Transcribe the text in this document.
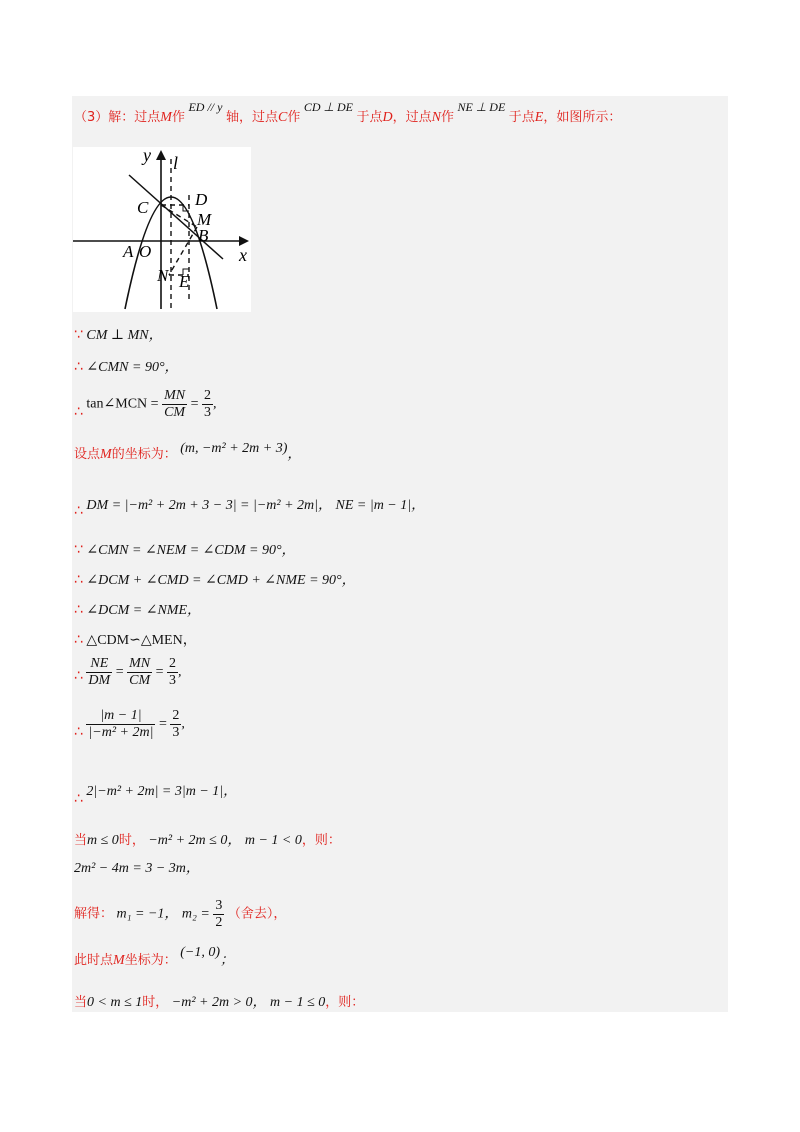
（3）解：过点M作 ED // y 轴，过点C作 CD ⊥ DE 于点D，过点N作 NE ⊥ DE 于点E，如图所示：
y l
x
C	D
M
B
A O
N E
∵ CM ⊥ MN，
∴ ∠CMN = 90°，
∴ tan∠MCN = $\frac{MN}{CM} = \frac{2}{3}$ ,
设点M的坐标为： (m, −m² + 2m + 3)，
∴ DM = |−m² + 2m + 3 − 3| = |−m² + 2m|， NE = |m − 1|，
∵ ∠CMN = ∠NEM = ∠CDM = 90°，
∴ ∠DCM + ∠CMD = ∠CMD + ∠NME = 90°，
∴ ∠DCM = ∠NME，
∴ △CDM∽△MEN，
∴ $\frac{NE}{DM} = \frac{MN}{CM} = \frac{2}{3}$ ,
∴ $\frac{|m - 1|}{\text{|−m² + 2m|}} = \frac{2}{3}$ ,
∴ 2|−m² + 2m| = 3|m − 1|，
当m ≤ 0时， −m² + 2m ≤ 0， m − 1 < 0，则：
2m² − 4m = 3 − 3m，
解得： m₁ = −1， $m_2 = \frac{3}{2}$ （舍去），
此时点M坐标为： (−1, 0)；
当0 < m ≤ 1时， −m² + 2m > 0， m − 1 ≤ 0，则：
